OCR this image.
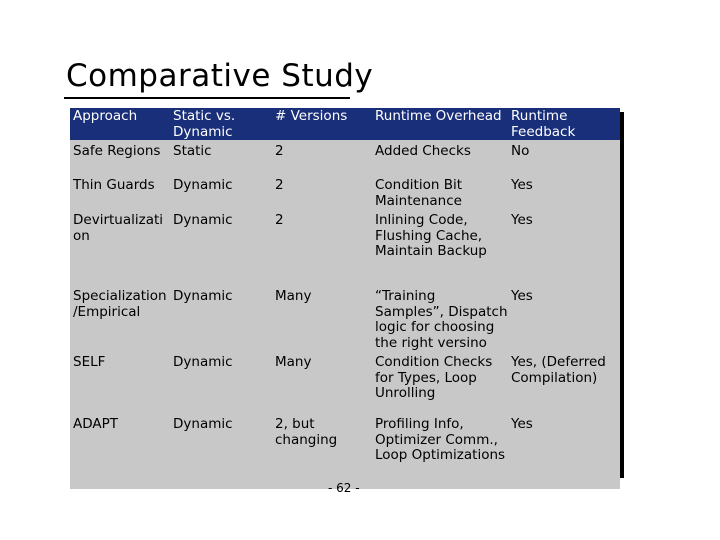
Comparative Study
Approach	Static vs. Dynamic	# Versions	Runtime Overhead	Runtime Feedback
Safe Regions	Static	2	Added Checks	No
Thin Guards	Dynamic	2	Condition Bit Maintenance	Yes
Devirtualization	Dynamic	2	Inlining Code, Flushing Cache, Maintain Backup	Yes
Specialization /Empirical	Dynamic	Many	“Training Samples”, Dispatch logic for choosing the right versino	Yes
SELF	Dynamic	Many	Condition Checks for Types, Loop Unrolling	Yes, (Deferred Compilation)
ADAPT	Dynamic	2, but changing	Profiling Info, Optimizer Comm., Loop Optimizations	Yes
- 62 -
